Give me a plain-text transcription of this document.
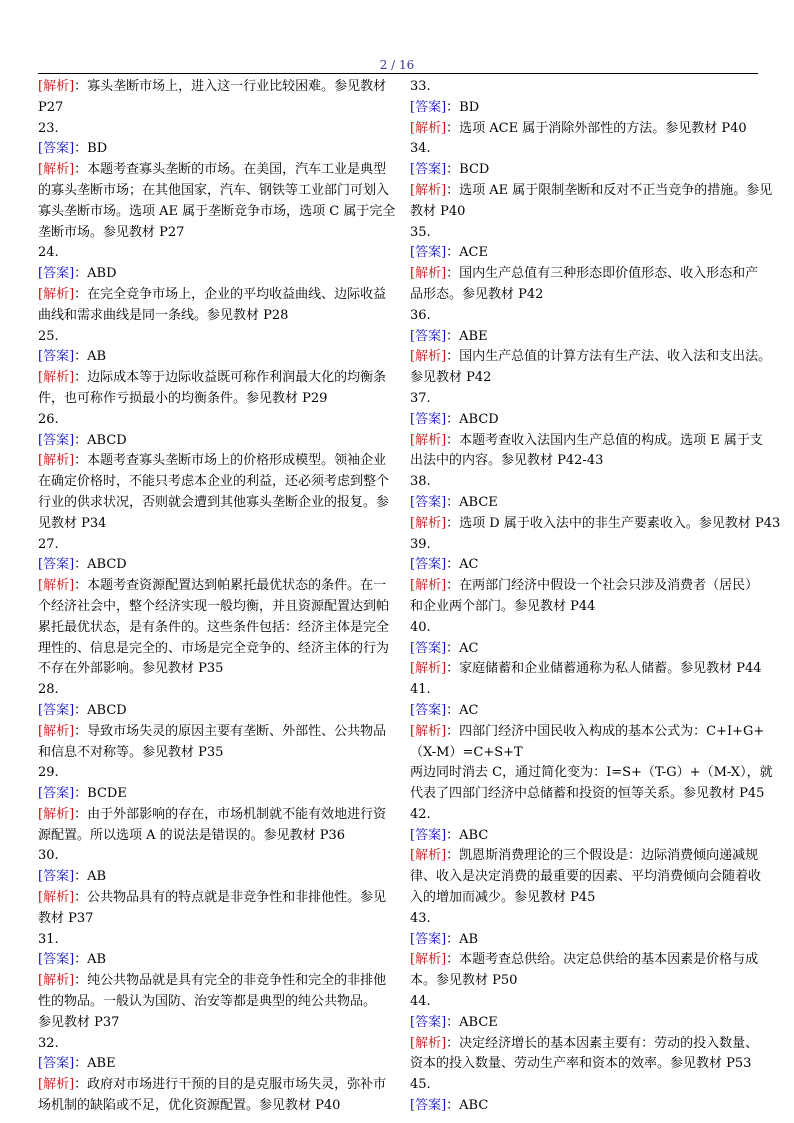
2 / 16
[解析]：寡头垄断市场上，进入这一行业比较困难。参见教材
P27
23.
[答案]：BD
[解析]：本题考查寡头垄断的市场。在美国，汽车工业是典型
的寡头垄断市场；在其他国家，汽车、钢铁等工业部门可划入
寡头垄断市场。选项 AE 属于垄断竞争市场，选项 C 属于完全
垄断市场。参见教材 P27
24.
[答案]：ABD
[解析]：在完全竞争市场上，企业的平均收益曲线、边际收益
曲线和需求曲线是同一条线。参见教材 P28
25.
[答案]：AB
[解析]：边际成本等于边际收益既可称作利润最大化的均衡条
件，也可称作亏损最小的均衡条件。参见教材 P29
26.
[答案]：ABCD
[解析]：本题考查寡头垄断市场上的价格形成模型。领袖企业
在确定价格时，不能只考虑本企业的利益，还必须考虑到整个
行业的供求状况，否则就会遭到其他寡头垄断企业的报复。参
见教材 P34
27.
[答案]：ABCD
[解析]：本题考查资源配置达到帕累托最优状态的条件。在一
个经济社会中，整个经济实现一般均衡，并且资源配置达到帕
累托最优状态，是有条件的。这些条件包括：经济主体是完全
理性的、信息是完全的、市场是完全竞争的、经济主体的行为
不存在外部影响。参见教材 P35
28.
[答案]：ABCD
[解析]：导致市场失灵的原因主要有垄断、外部性、公共物品
和信息不对称等。参见教材 P35
29.
[答案]：BCDE
[解析]：由于外部影响的存在，市场机制就不能有效地进行资
源配置。所以选项 A 的说法是错误的。参见教材 P36
30.
[答案]：AB
[解析]：公共物品具有的特点就是非竞争性和非排他性。参见
教材 P37
31.
[答案]：AB
[解析]：纯公共物品就是具有完全的非竞争性和完全的非排他
性的物品。一般认为国防、治安等都是典型的纯公共物品。
参见教材 P37
32.
[答案]：ABE
[解析]：政府对市场进行干预的目的是克服市场失灵，弥补市
场机制的缺陷或不足，优化资源配置。参见教材 P40
33.
[答案]：BD
[解析]：选项 ACE 属于消除外部性的方法。参见教材 P40
34.
[答案]：BCD
[解析]：选项 AE 属于限制垄断和反对不正当竞争的措施。参见
教材 P40
35.
[答案]：ACE
[解析]：国内生产总值有三种形态即价值形态、收入形态和产
品形态。参见教材 P42
36.
[答案]：ABE
[解析]：国内生产总值的计算方法有生产法、收入法和支出法。
参见教材 P42
37.
[答案]：ABCD
[解析]：本题考查收入法国内生产总值的构成。选项 E 属于支
出法中的内容。参见教材 P42-43
38.
[答案]：ABCE
[解析]：选项 D 属于收入法中的非生产要素收入。参见教材 P43
39.
[答案]：AC
[解析]：在两部门经济中假设一个社会只涉及消费者（居民）
和企业两个部门。参见教材 P44
40.
[答案]：AC
[解析]：家庭储蓄和企业储蓄通称为私人储蓄。参见教材 P44
41.
[答案]：AC
[解析]：四部门经济中国民收入构成的基本公式为：C+I+G+
（X-M）=C+S+T
两边同时消去 C，通过简化变为：I=S+（T-G）+（M-X），就
代表了四部门经济中总储蓄和投资的恒等关系。参见教材 P45
42.
[答案]：ABC
[解析]：凯恩斯消费理论的三个假设是：边际消费倾向递减规
律、收入是决定消费的最重要的因素、平均消费倾向会随着收
入的增加而减少。参见教材 P45
43.
[答案]：AB
[解析]：本题考查总供给。决定总供给的基本因素是价格与成
本。参见教材 P50
44.
[答案]：ABCE
[解析]：决定经济增长的基本因素主要有：劳动的投入数量、
资本的投入数量、劳动生产率和资本的效率。参见教材 P53
45.
[答案]：ABC
